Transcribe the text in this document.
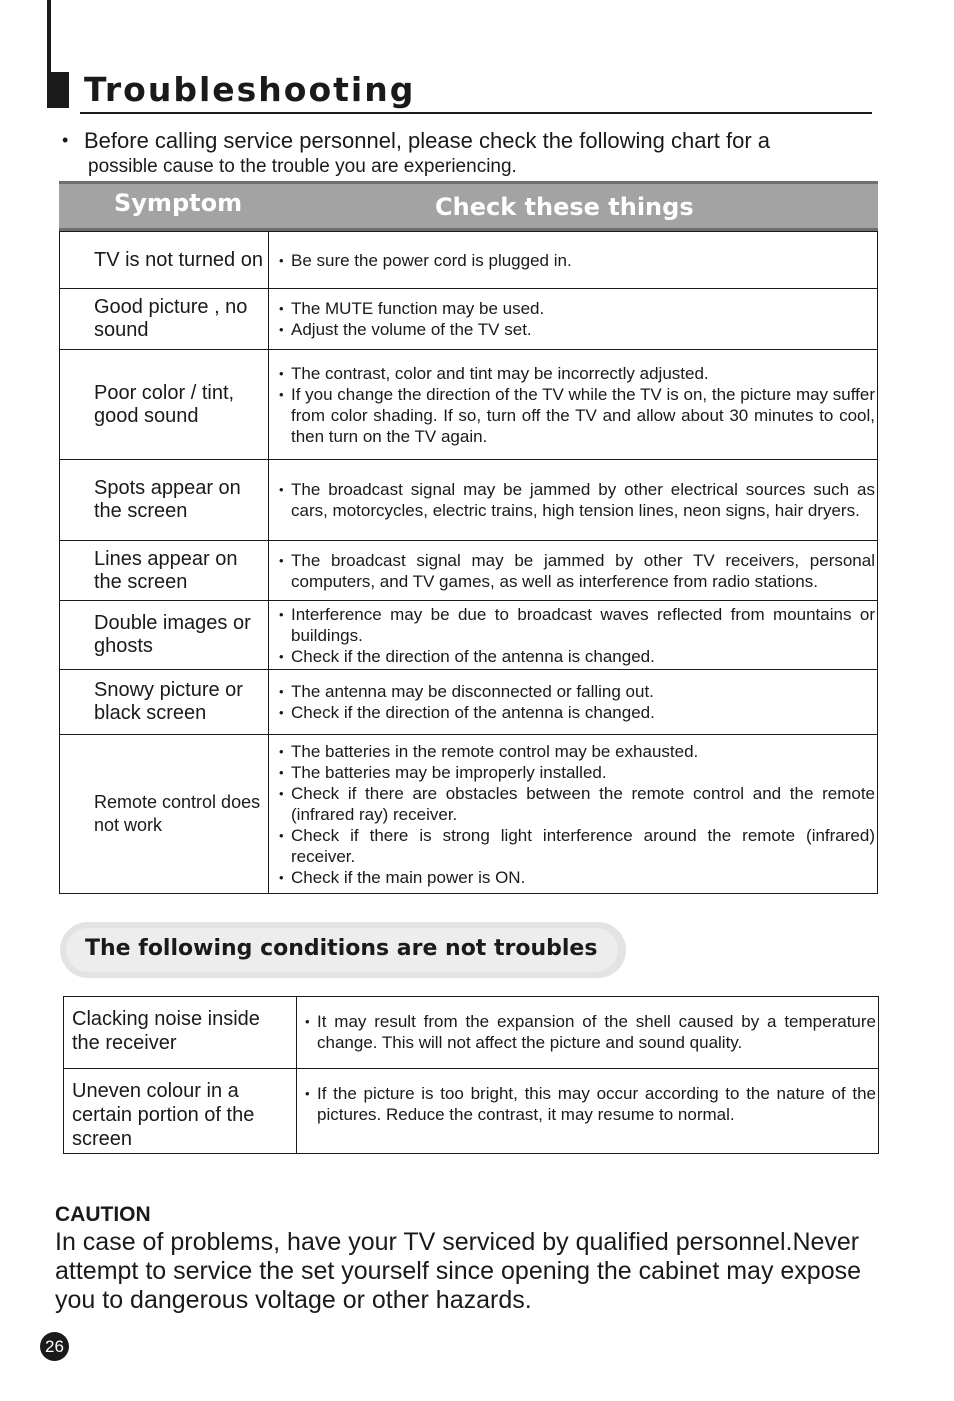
Troubleshooting
• Before calling service personnel, please check the following chart for a
possible cause to the trouble you are experiencing.
Symptom	Check these things
TV is not turned on	• Be sure the power cord is plugged in.
Good picture , no sound
• The MUTE function may be used.
• Adjust the volume of the TV set.
Poor color / tint, good sound
• The contrast, color and tint may be incorrectly adjusted.
• If you change the direction of the TV while the TV is on, the picture may suffer from color shading. If so, turn off the TV and allow about 30 minutes to cool, then turn on the TV again.
Spots appear on the screen
• The broadcast signal may be jammed by other electrical sources such as cars, motorcycles, electric trains, high tension lines, neon signs, hair dryers.
Lines appear on the screen
• The broadcast signal may be jammed by other TV receivers, personal computers, and TV games, as well as interference from radio stations.
Double images or ghosts
• Interference may be due to broadcast waves reflected from mountains or buildings.
• Check if the direction of the antenna is changed.
Snowy picture or black screen
• The antenna may be disconnected or falling out.
• Check if the direction of the antenna is changed.
Remote control does not work
• The batteries in the remote control may be exhausted.
• The batteries may be improperly installed.
• Check if there are obstacles between the remote control and the remote (infrared ray) receiver.
• Check if there is strong light interference around the remote (infrared) receiver.
• Check if the main power is ON.
The following conditions are not troubles
Clacking noise inside the receiver
• It may result from the expansion of the shell caused by a temperature change. This will not affect the picture and sound quality.
Uneven colour in a certain portion of the screen
• If the picture is too bright, this may occur according to the nature of the pictures. Reduce the contrast, it may resume to normal.
CAUTION
In case of problems, have your TV serviced by qualified personnel.Never attempt to service the set yourself since opening the cabinet may expose you to dangerous voltage or other hazards.
26
